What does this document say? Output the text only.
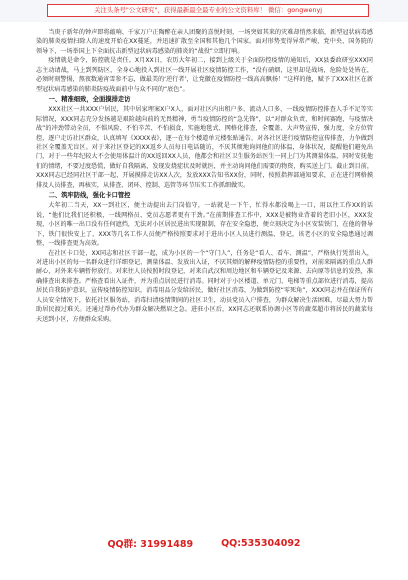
关注头条号"公文研究"，获得最新最全最专业的公文资料库！ 微信：gongwenyj

当庚子新年的钟声即将敲响、千家万户正陶醉在亲人团聚的喜悦时刻，一场突如其来的灾难却悄然来临，新型冠状病毒感染的肺炎疫情扫除人的速度开始在XX蔓延，并迅速扩散至全国和其他几个国家。面对形势变得异常严峻，党中央、国务院的领导下，一场举国上下全面抗击新型冠状病毒感染的肺炎的“战役”立即打响。

疫情就是命令，防控就是责任。X月XX日，农历大年初二，接到上级关于全面防控疫情的通知后，XX县委政研室XXX同志主动请战，马上到列防区，全身心地投入到社区一线开展社区疫情防控工作，“没有硝烟，这里却是战场，危险处处皆在，必须时刻警惕，熬夜数通宵雪参不忘，做最美的‘逆行者’，让党徽在疫情防控一线高高飘扬！”这样的他，赋予了XXX社区在新型冠状病毒感染的肺炎防疫战面前中与众不同的“底色”。

一、精准细致，全面摸排走访

XXX社区一共XXX户居民，其中居家埋案X户X人，面对社区内出租户多、流动人口多，一线疫情防控排查人手不足等实际情况，XXX同志充分发扬越是艰险越向前的无畏精神，勇当疫情防控的“急先锋”，以“对群众负责，和时间赛跑，与疫情决战”的冲劲带动全员，不惧风险、不怕辛苦、不怕损食，实施地毯式、网格化排查，全覆盖、大声势宣传，强力度，全方位管控，逐户走访社区群众，认真填写《XXXX表》，逐一在每个楼道单元楼张贴通告，对各社区进行疫情防控宣传排查，力争做到社区全覆盖无盲区。对于来社区登记的XX返乡人员每日电话随访，不厌其烦地询问他们的体温，身体状况，提醒他们避免出门，对于一些年纪较大不会使用体温计的XX返回XX人员，他都会和社区卫生服务站医生一同上门为其测量体温，同时安抚他们的情绪，不要过度恐慌，做好自我隔离，发现发烧症状及时就医，并主动询问他们需要的物资，购买送上门。截止到目前，XXX同志已经同社区干部一起，开展摸排走访XX人次，发放XXX告知书XX份，同时，按照指挥部通知要求，正在进行网格摸排及人员排查，再核实，从排查、闭环、控制、巡管等环节压实工作抓细做实。

二、筑牢防线，强化卡口管控

大年初二当天，XX一到社区，便主动提出去门岗值守，一站就是一下午，忙得水都没喝上一口，用以往工作XX的话说，“他们比我们还积极，一线网格员、党员志愿者更有干劲。”在前期排查工作中，XXX是被物业背着的老旧小区，XXX发现，小区的唯一出口没有任何遮挡，无法对小区居民进出实现限制，存在安全隐患，便立刻决定为小区安装铁门，在他的督导下，铁门很快安上了，XXX等几名工作人员便严格按照要求对于进出小区人员进行测温、登记，该老小区的安全隐患通过调整，一线排查更为高效。

在社区卡口处，XX同志和社区干部一起，成为小区的一个“守门人”，任务是“看人、看车、测温”，严格执行凭票出入，对进出小区的每一名群众进行详细登记、测量体温、发放出入证，不厌其烦的解释疫情防控的重要性，对前来隔离的重点人群耐心，对外来车辆暂停放行。对来往人员按照时段登记，对来自武汉和周边地区和车辆登记及来源、去向原等信息的发热，准确排查出来排查。严格查看出入证件，并为重点居民进行消毒。同时对于小区楼道、单元门、电梯等重点部位进行消毒，提高居民自我防护意识，宣传疫情防控知识，消毒用品分发给居民，做好社区消毒，为做到防控“零死角”，XXX同志并在保证所有人员安全情况下，依托社区服务站，消毒扫清疫情期间的社区卫生，动员党员入户排查，为群众解决生活困难，尽最大努力帮助居民渡过难关。还通过帮办代办为群众解决燃眉之急。进驻小区后，XX同志还联系协调小区等的蔬菜超市将居民的蔬菜每天送到小区，方便群众采购。

QQ群: 31991489	QQ:535304092
